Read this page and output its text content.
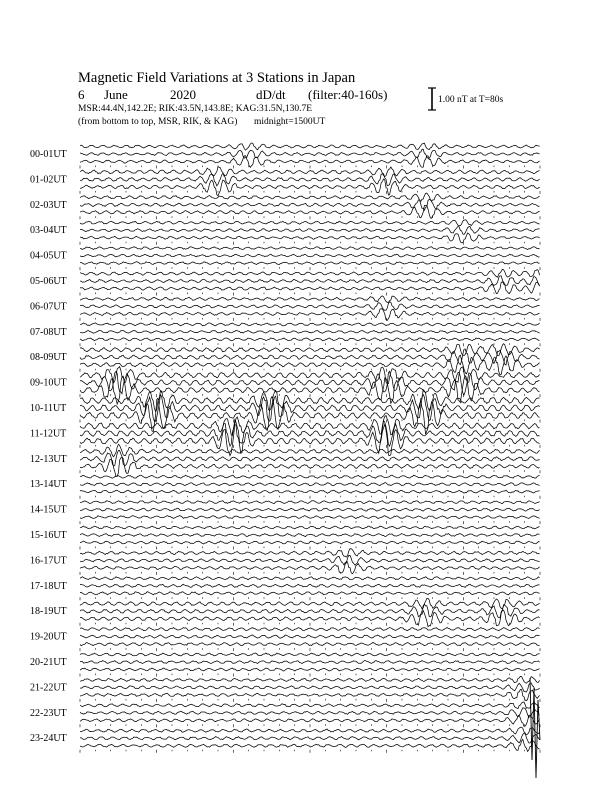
00-01UT
01-02UT
02-03UT
03-04UT
04-05UT
05-06UT
06-07UT
07-08UT
08-09UT
09-10UT
10-11UT
11-12UT
12-13UT
13-14UT
14-15UT
15-16UT
16-17UT
17-18UT
18-19UT
19-20UT
20-21UT
21-22UT
22-23UT
23-24UT
Magnetic Field Variations at 3 Stations in Japan
6 June	2020	dD/dt (filter:40-160s)
MSR:44.4N,142.2E; RIK:43.5N,143.8E; KAG:31.5N,130.7E
(from bottom to top, MSR, RIK, & KAG) midnight=1500UT
1.00 nT at T=80s
